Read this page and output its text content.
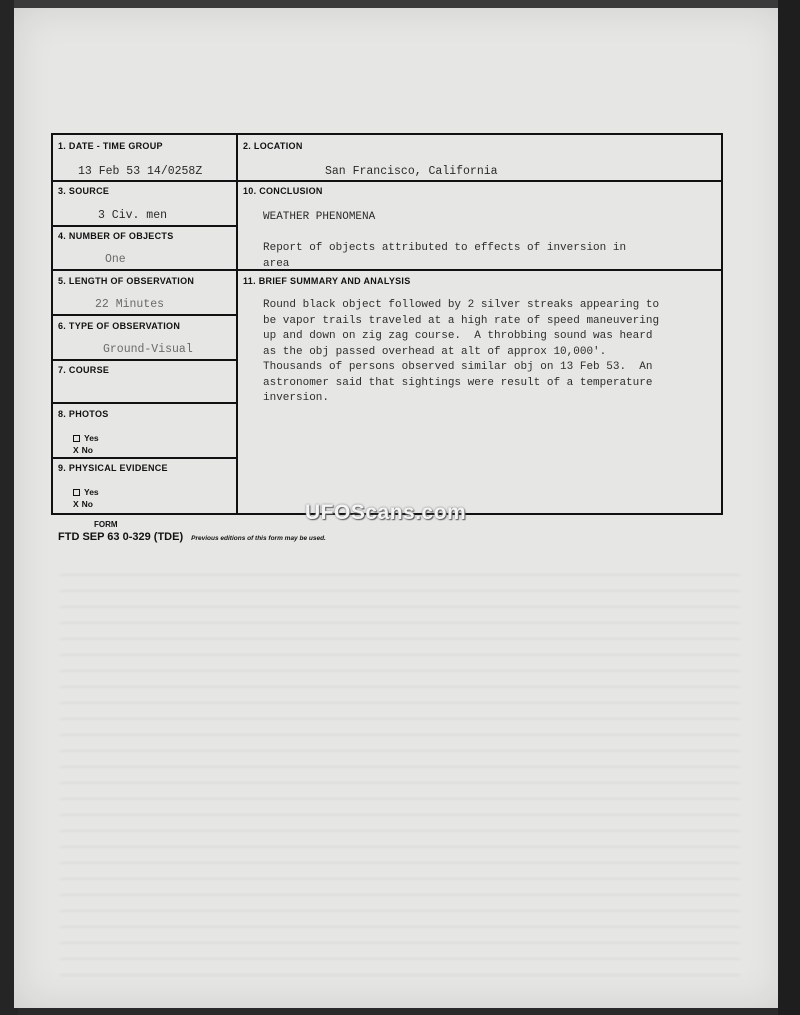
1. DATE - TIME GROUP
13 Feb 53 14/0258Z
2. LOCATION
San Francisco, California
3. SOURCE
3 Civ. men
10. CONCLUSION
WEATHER PHENOMENA
Report of objects attributed to effects of inversion in
area
4. NUMBER OF OBJECTS
One
5. LENGTH OF OBSERVATION
22 Minutes
11. BRIEF SUMMARY AND ANALYSIS
Round black object followed by 2 silver streaks appearing to
be vapor trails traveled at a high rate of speed maneuvering
up and down on zig zag course.  A throbbing sound was heard
as the obj passed overhead at alt of approx 10,000'.
Thousands of persons observed similar obj on 13 Feb 53.  An
astronomer said that sightings were result of a temperature
inversion.
6. TYPE OF OBSERVATION
Ground-Visual
7. COURSE
8. PHOTOS
Yes
X No
9. PHYSICAL EVIDENCE
Yes
X No
FORM
FTD SEP 63 0-329 (TDE) Previous editions of this form may be used.
UFOScans.com
